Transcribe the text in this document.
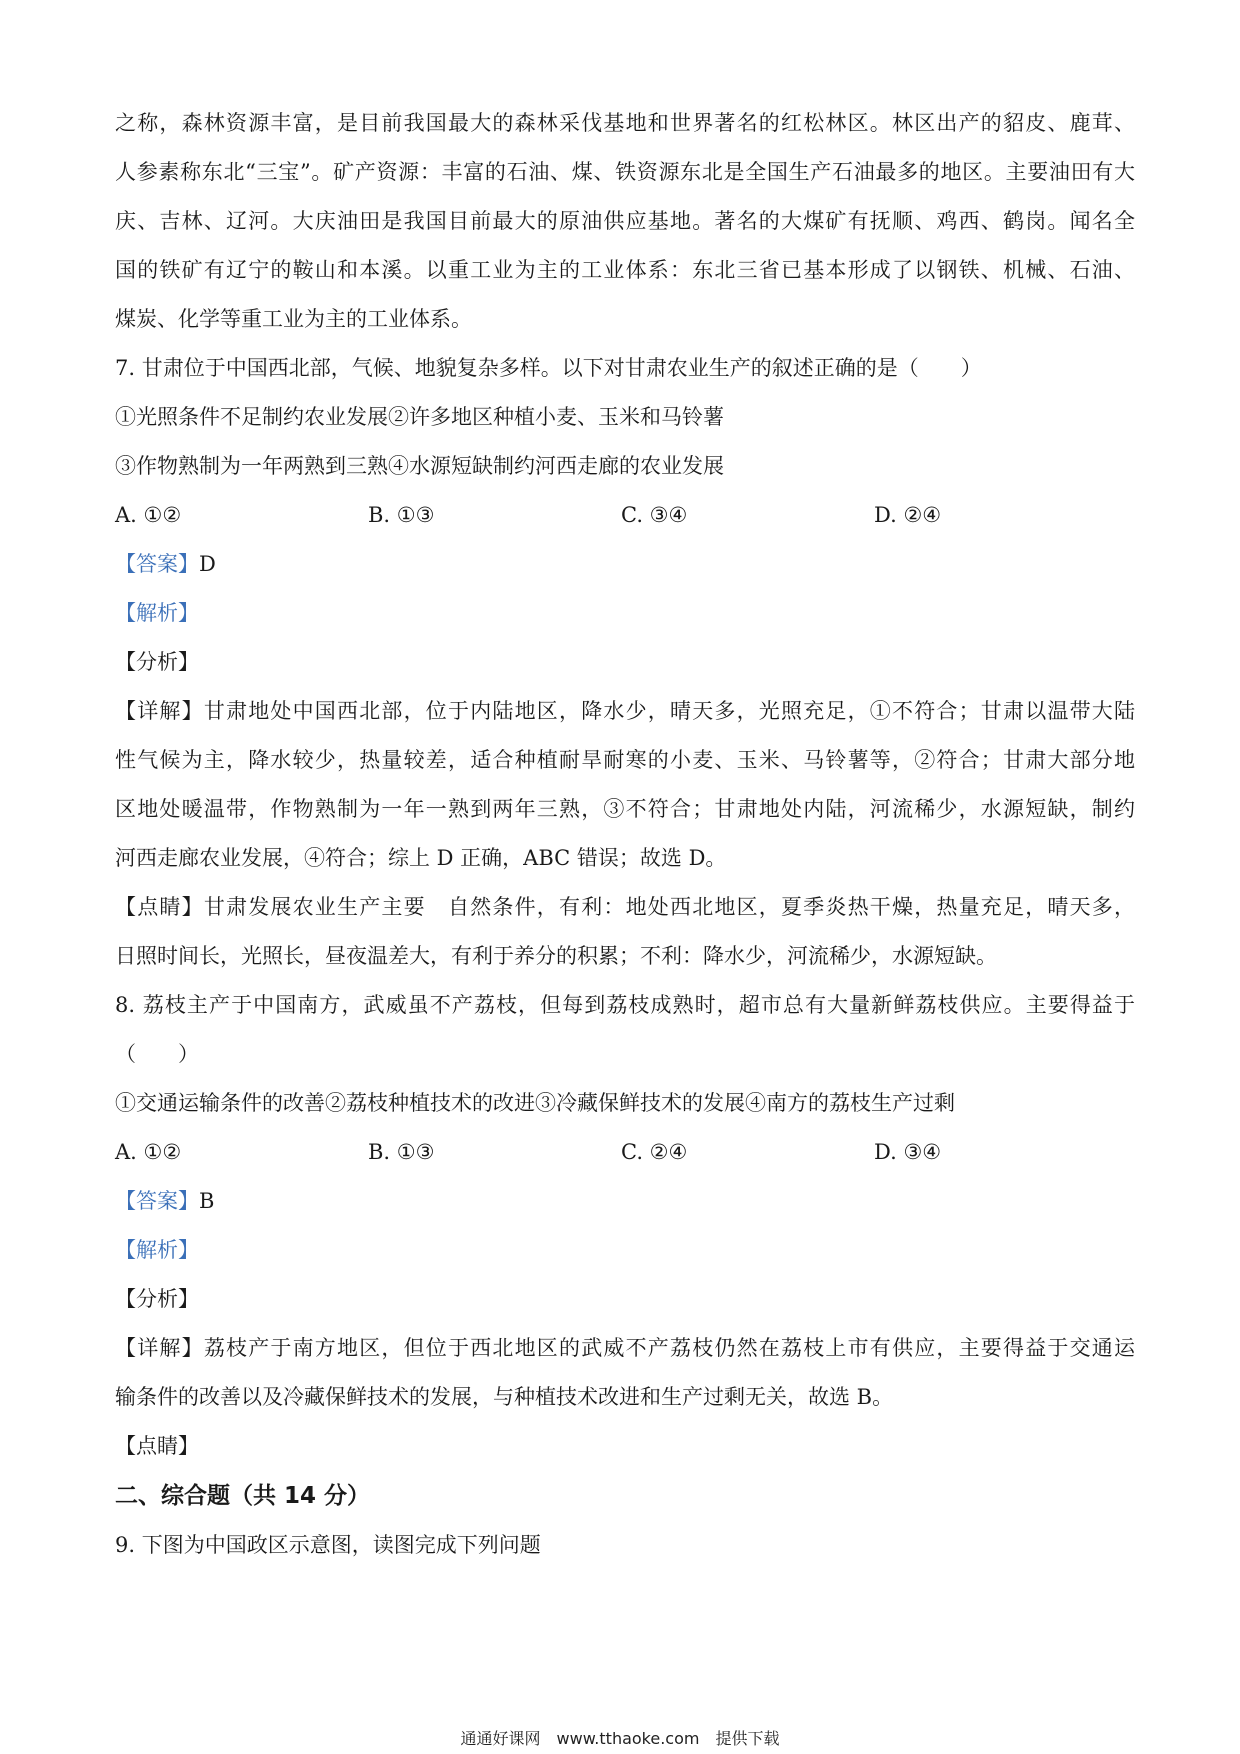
之称，森林资源丰富，是目前我国最大的森林采伐基地和世界著名的红松林区。林区出产的貂皮、鹿茸、
人参素称东北“三宝”。矿产资源：丰富的石油、煤、铁资源东北是全国生产石油最多的地区。主要油田有大
庆、吉林、辽河。大庆油田是我国目前最大的原油供应基地。著名的大煤矿有抚顺、鸡西、鹤岗。闻名全
国的铁矿有辽宁的鞍山和本溪。以重工业为主的工业体系：东北三省已基本形成了以钢铁、机械、石油、
煤炭、化学等重工业为主的工业体系。
7. 甘肃位于中国西北部，气候、地貌复杂多样。以下对甘肃农业生产的叙述正确的是（　　）
①光照条件不足制约农业发展②许多地区种植小麦、玉米和马铃薯
③作物熟制为一年两熟到三熟④水源短缺制约河西走廊的农业发展
A. ①②	B. ①③	C. ③④	D. ②④
【答案】D
【解析】
【分析】
【详解】甘肃地处中国西北部，位于内陆地区，降水少，晴天多，光照充足，①不符合；甘肃以温带大陆
性气候为主，降水较少，热量较差，适合种植耐旱耐寒的小麦、玉米、马铃薯等，②符合；甘肃大部分地
区地处暖温带，作物熟制为一年一熟到两年三熟，③不符合；甘肃地处内陆，河流稀少，水源短缺，制约
河西走廊农业发展，④符合；综上 D 正确，ABC 错误；故选 D。
【点睛】甘肃发展农业生产主要　自然条件，有利：地处西北地区，夏季炎热干燥，热量充足，晴天多，
日照时间长，光照长，昼夜温差大，有利于养分的积累；不利：降水少，河流稀少，水源短缺。
8. 荔枝主产于中国南方，武威虽不产荔枝，但每到荔枝成熟时，超市总有大量新鲜荔枝供应。主要得益于
（　　）
①交通运输条件的改善②荔枝种植技术的改进③冷藏保鲜技术的发展④南方的荔枝生产过剩
A. ①②	B. ①③	C. ②④	D. ③④
【答案】B
【解析】
【分析】
【详解】荔枝产于南方地区，但位于西北地区的武威不产荔枝仍然在荔枝上市有供应，主要得益于交通运
输条件的改善以及冷藏保鲜技术的发展，与种植技术改进和生产过剩无关，故选 B。
【点睛】
二、综合题（共 14 分）
9. 下图为中国政区示意图，读图完成下列问题
通通好课网　www.tthaoke.com　提供下载
